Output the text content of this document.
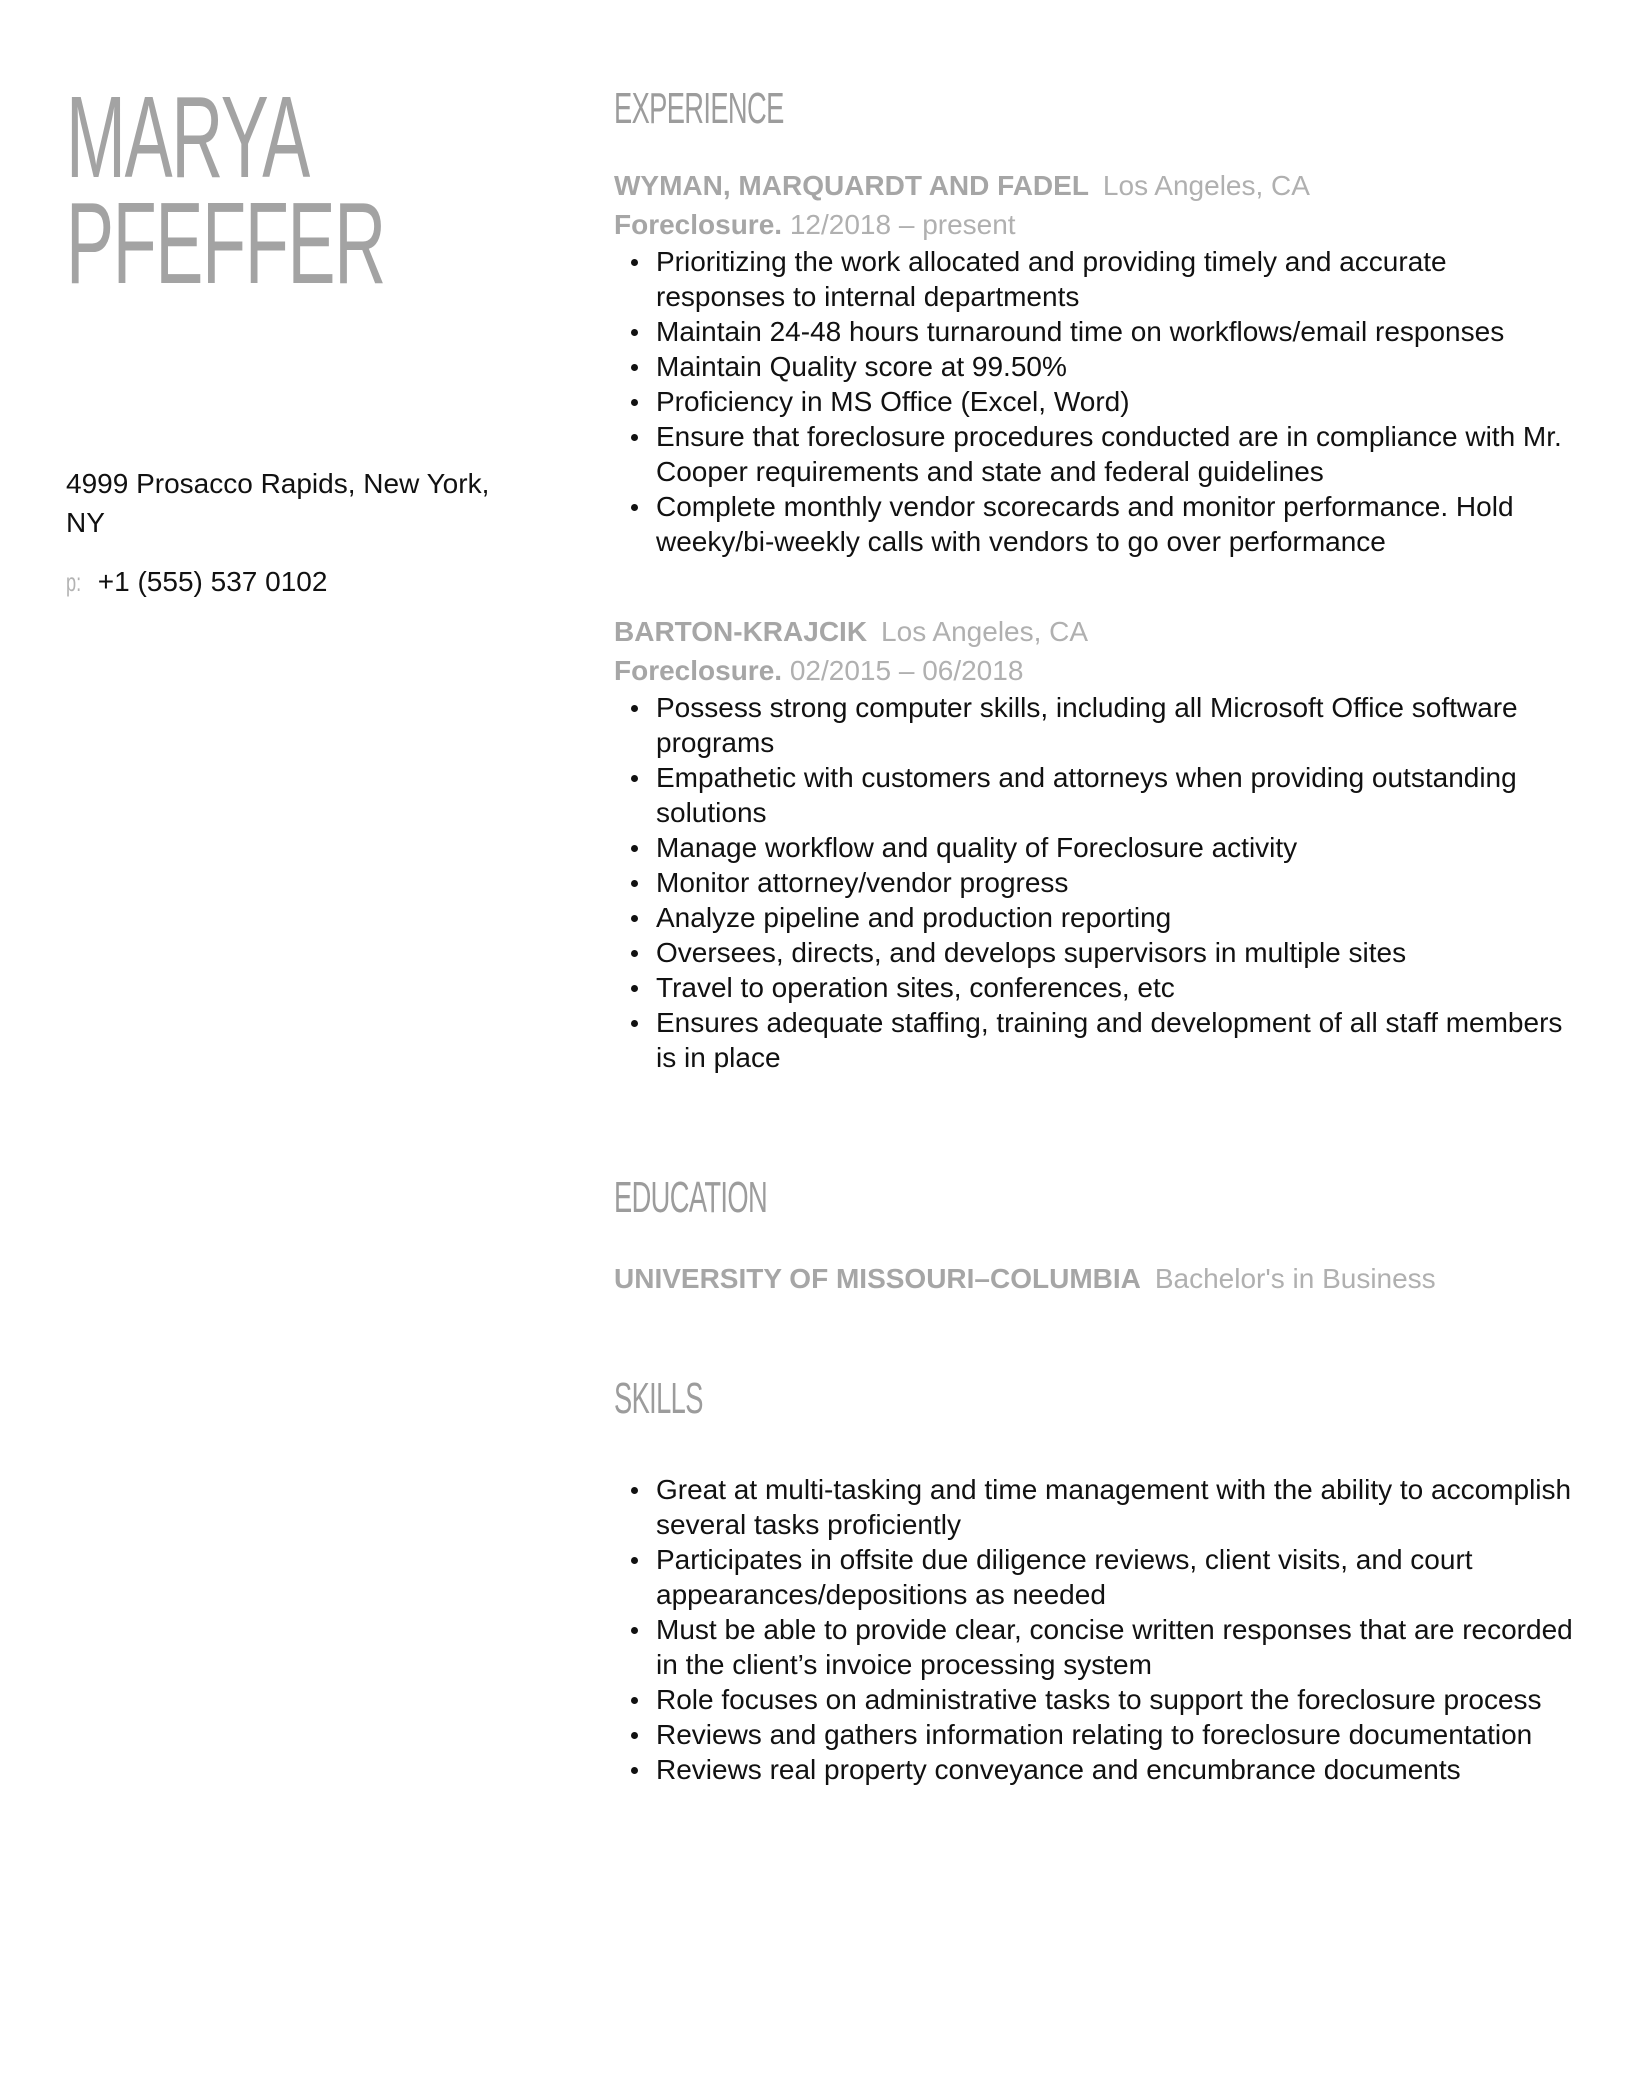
MARYA
PFEFFER
4999 Prosacco Rapids, New York, NY
p: +1 (555) 537 0102
EXPERIENCE
WYMAN, MARQUARDT AND FADEL Los Angeles, CA
Foreclosure. 12/2018 – present
Prioritizing the work allocated and providing timely and accurate responses to internal departments
Maintain 24-48 hours turnaround time on workflows/email responses
Maintain Quality score at 99.50%
Proficiency in MS Office (Excel, Word)
Ensure that foreclosure procedures conducted are in compliance with Mr. Cooper requirements and state and federal guidelines
Complete monthly vendor scorecards and monitor performance. Hold weeky/bi-weekly calls with vendors to go over performance
BARTON-KRAJCIK Los Angeles, CA
Foreclosure. 02/2015 – 06/2018
Possess strong computer skills, including all Microsoft Office software programs
Empathetic with customers and attorneys when providing outstanding solutions
Manage workflow and quality of Foreclosure activity
Monitor attorney/vendor progress
Analyze pipeline and production reporting
Oversees, directs, and develops supervisors in multiple sites
Travel to operation sites, conferences, etc
Ensures adequate staffing, training and development of all staff members is in place
EDUCATION
UNIVERSITY OF MISSOURI–COLUMBIA Bachelor's in Business
SKILLS
Great at multi-tasking and time management with the ability to accomplish several tasks proficiently
Participates in offsite due diligence reviews, client visits, and court appearances/depositions as needed
Must be able to provide clear, concise written responses that are recorded in the client’s invoice processing system
Role focuses on administrative tasks to support the foreclosure process
Reviews and gathers information relating to foreclosure documentation
Reviews real property conveyance and encumbrance documents
